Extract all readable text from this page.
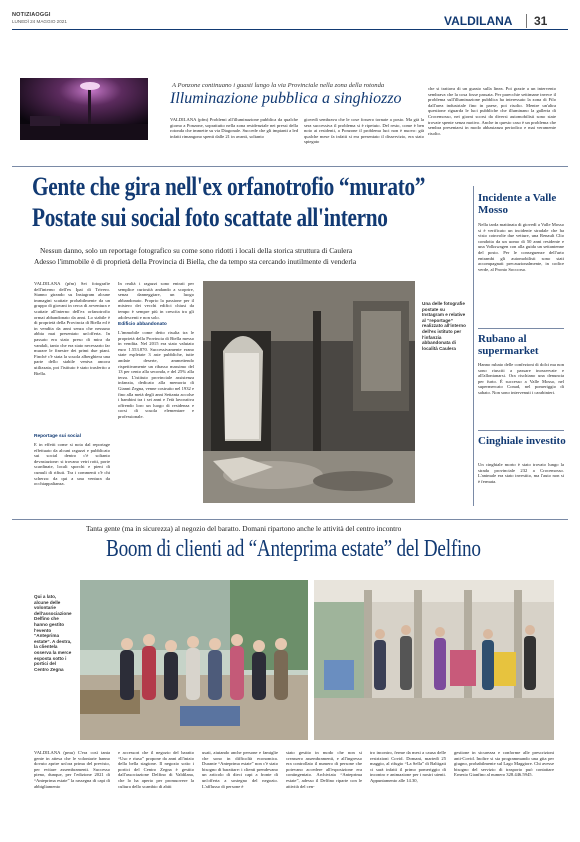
NOTIZIAOGGI
LUNEDÌ 24 MAGGIO 2021	VALDILANA 31
A Ponzone continuano i guasti lungo la via Provinciale nella zona della rotonda
Illuminazione pubblica a singhiozzo
VALDILANA (pfm) Problemi all'illuminazione pubblica da qualche giorno a Ponzone, soprattutto nella zona residenziale nei pressi della rotonda che immette su via Diagonale. Succede che gli impianti a led infatti rimangono spenti dalle 21 in avanti, soltanto
giovedì sembrava che le cose fossero tornate a posto. Ma già la sera successiva il problema si è ripetuto. Del resto, come è ben noto ai residenti, a Ponzone il problema luci non è nuovo: già qualche mese fa infatti si era presentato il disservizio, era stato spiegato
che si trattava di un guasto sulla linea. Poi grazie a un intervento sembrava che la cosa fosse passata. Per parecchie settimane invece il problema sull'illuminazione pubblica ha interessato la zona di Filo dall'area industriale fino in paese, poi risolto. Mentre un'altra questione riguarda le luci pubbliche che illuminano la galleria di Crocemosso, nei giorni scorsi da diversi automobilisti sono state trovate spente senza motivo. Anche in questo caso è un problema che sembra presentarsi in modo abbastanza periodico e mai veramente risolto.
Gente che gira nell'ex orfanotrofio “murato”
Postate sui social foto scattate all'interno
Nessun danno, solo un reportage fotografico su come sono ridotti i locali della storica struttura di Caulera
Adesso l'immobile è di proprietà della Provincia di Biella, che da tempo sta cercando inutilmente di venderla
VALDILANA (pfm) Sei fotografie dell'interno dell'ex Ipai di Trivero. Stanno girando su Instagram alcune immagini scattate probabilmente da un gruppo di giovani in cerca di avventura e scattate all'interno dell'ex orfanotrofio ormai abbandonato da anni. Lo stabile è di proprietà della Provincia di Biella ed è in vendita da anni senza che nessuno abbia mai presentato un'offerta. In passato era stato preso di mira da vandali, tanto che era stato necessario far murare le finestre dei primi due piani. Finché c'è stata la scuola alberghiera una parte dello stabile veniva ancora utilizzata, poi l'istituto è stato trasferito a Biella.
Reportage sui social
E in effetti come si nota dal reportage effettuato da alcuni ragazzi e pubblicato sui social dentro c'è soltanto devastazione: si trovano vetri rotti, porte scardinate, locali sporchi e pieni di cumuli di rifiuti. Tra i commenti c'è chi scherza: da qui a una ventura da occhiappaltanza.
In realtà i ragazzi sono entrati per semplice curiosità andando a scoprire, senza danneggiare, un luogo abbandonato. Proprio la passione per il mistero dei vecchi edifici chiusi da tempo è sempre più in crescita tra gli adolescenti e non solo.
Edificio abbandonato
L'immobile come detto risulta tra le proprietà della Provincia di Biella messo in vendita. Nel 2015 era stato valutato euro 1.553.870. Successivamente erano state espletate 3 aste pubbliche, tutte andate deserte, ammettendo rispettivamente un ribasso massimo del 13 per cento alla seconda, e del 25% alla terza. L'istituto provinciale assistenza infanzia, dedicato alla memoria di Gianni Zegna, venne costruito nel 1932 e fino alla metà degli anni Settanta accolse i bambini tra i sei anni e l'età lavorativa offrendo loro un luogo di residenza e corsi di scuola elementare e professionale.
Una delle fotografie postate su Instagram e relative al “reportage” realizzato all'interno dell'ex istituto per l'infanzia abbandonata di località Caulera
Incidente a Valle Mosso
Nella tarda mattinata di giovedì a Valle Mosso si è verificato un incidente stradale che ha visto coinvolte due vetture, una Renault Clio condotta da un uomo di 50 anni residente e una Volkswagen con alla guida un settantenne del posto. Per le conseguenze dell'urto entrambi gli automobilisti sono stati accompagnati precauzionalmente, in codice verde, al Pronto Soccorso.
Rubano al supermarket
Hanno rubato delle confezioni di dolci ma non sono riusciti a passare inosservate e all'allontanarsi. Ora rischiano una denuncia per furto. È successo a Valle Mosso, nel supermercato Conad, nel pomeriggio di sabato. Non sono intervenuti i carabinieri.
Cinghiale investito
Un cinghiale morto è stato trovato lungo la strada provinciale 232 a Crocemosso. L'animale era stato investito, ma l'auto non si è fermata.
Tanta gente (ma in sicurezza) al negozio del baratto. Domani ripartono anche le attività del centro incontro
Boom di clienti ad “Anteprima estate” del Delfino
Qui a lato, alcune delle volontarie dell'associazione Delfino che hanno gestito l'evento “Anteprima estate”. A destra, la clientela osserva la merce esposta sotto i portici del Centro Zegna
VALDILANA (pmu) C'era così tanta gente in attesa che le volontarie hanno dovuto aprire un'ora prima del previsto, per evitare assembramenti. Successo pieno, dunque, per l'edizione 2021 di “Anteprima estate” la rassegna di capi di abbigliamento
e accessori che il negozio del baratto “Uso e riuso” propone da anni all'inizio della bella stagione. Il negozio sotto i portici del Centro Zegna è gestito dall'associazione Delfino di Valdilana, che lo ha aperto per promuovere la cultura dello scambio di abiti
usati, aiutando anche persone e famiglie che sono in difficoltà economica. Durante “Anteprima estate” non c'è stato bisogno di barattare: i clienti prendevano un articolo di dieci capi a fronte di un'offerta a sostegno del negozio. L'afflusso di persone è
stato gestito in modo che non si creassero assembramenti, e all'ingresso era controllato il numero di persone che potevano accedere all'esposizione era contingentato. Archiviata “Anteprima estate”, adesso il Delfino riparte con le attività del cen-
tro incontro, ferme da mesi a causa delle restrizioni Covid. Domani, martedì 25 maggio, al rifugio “La Sella” di Baltigati ci sarà infatti il primo pomeriggio di incontro e animazione per i nostri utenti. Appuntamento alle 14.30,
gestione in sicurezza e conforme alle prescrizioni anti-Covid. Inoltre si sta programmando una gita per giugno, probabilmente sul Lago Maggiore. Chi avesse bisogno del servizio di trasporto può contattare Ernesto Gianfino al numero 328.446.5945.
